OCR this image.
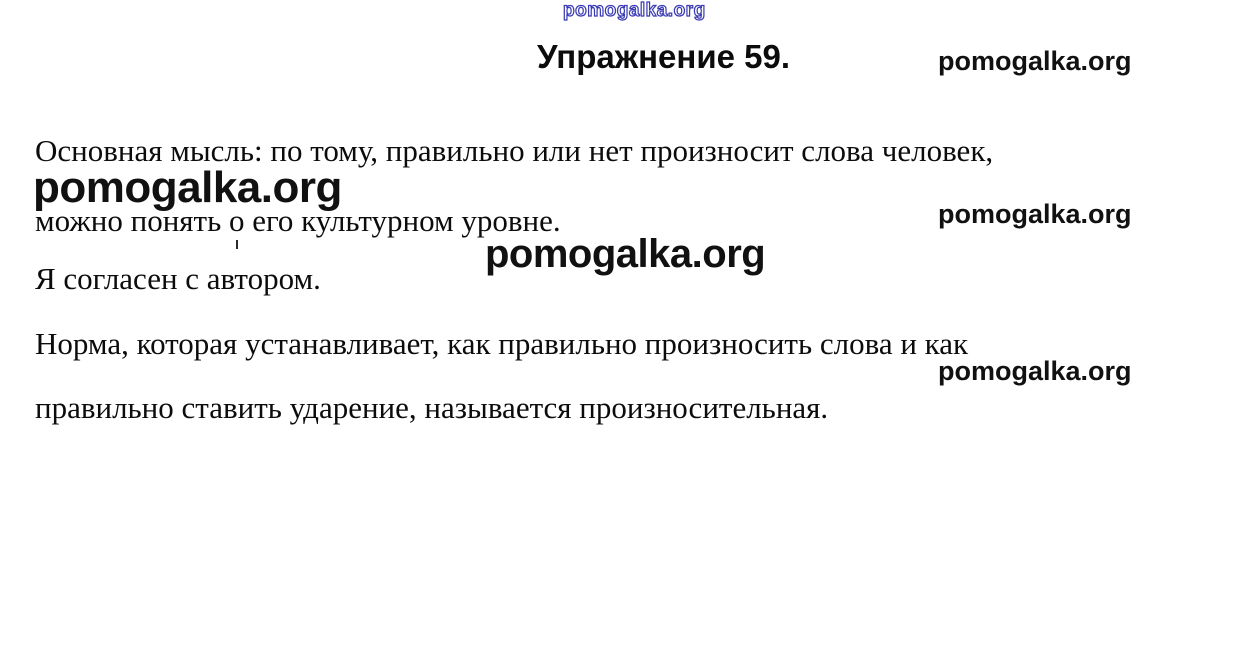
pomogalka.org
Упражнение 59.	pomogalka.org

Основная мысль: по тому, правильно или нет произносит слова человек,

pomogalka.org

можно понять о его культурном уровне.	pomogalka.org
pomogalka.org

Я согласен с автором.

Норма, которая устанавливает, как правильно произносить слова и как

pomogalka.org

правильно ставить ударение, называется произносительная.
